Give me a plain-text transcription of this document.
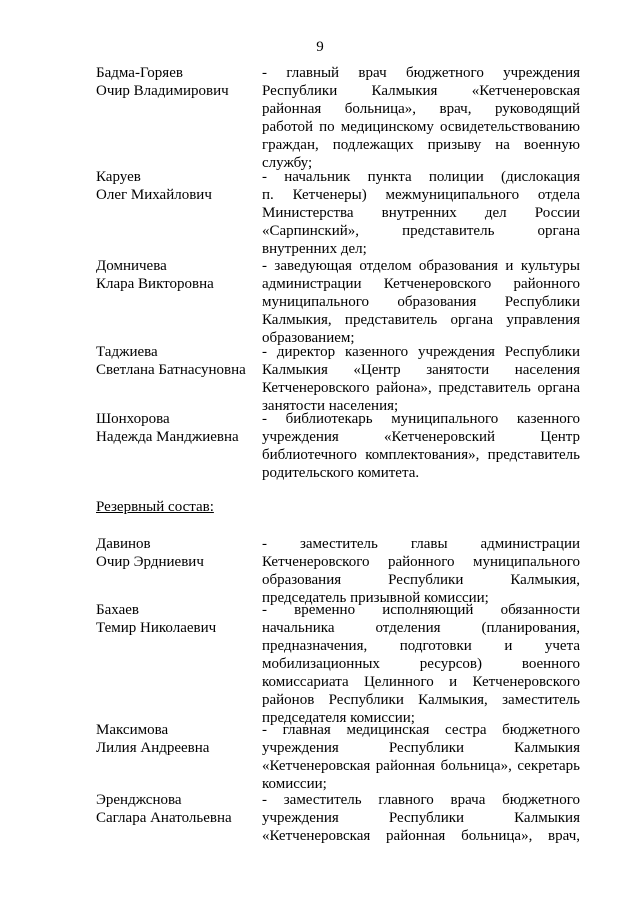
9
Бадма-Горяев
Очир Владимирович
- главный врач бюджетного учреждения
Республики Калмыкия «Кетченеровская
районная больница», врач, руководящий
работой по медицинскому освидетельствованию
граждан, подлежащих призыву на военную
службу;
Каруев
Олег Михайлович
- начальник пункта полиции (дислокация
п. Кетченеры) межмуниципального отдела
Министерства внутренних дел России
«Сарпинский», представитель органа
внутренних дел;
Домничева
Клара Викторовна
- заведующая отделом образования и культуры
администрации Кетченеровского районного
муниципального образования Республики
Калмыкия, представитель органа управления
образованием;
Таджиева
Светлана Батнасуновна
- директор казенного учреждения Республики
Калмыкия «Центр занятости населения
Кетченеровского района», представитель органа
занятости населения;
Шонхорова
Надежда Манджиевна
- библиотекарь муниципального казенного
учреждения «Кетченеровский Центр
библиотечного комплектования», представитель
родительского комитета.
Резервный состав:
Давинов
Очир Эрдниевич
- заместитель главы администрации
Кетченеровского районного муниципального
образования Республики Калмыкия,
председатель призывной комиссии;
Бахаев
Темир Николаевич
- временно исполняющий обязанности
начальника отделения (планирования,
предназначения, подготовки и учета
мобилизационных ресурсов) военного
комиссариата Целинного и Кетченеровского
районов Республики Калмыкия, заместитель
председателя комиссии;
Максимова
Лилия Андреевна
- главная медицинская сестра бюджетного
учреждения Республики Калмыкия
«Кетченеровская районная больница», секретарь
комиссии;
Эренджснова
Саглара Анатольевна
- заместитель главного врача бюджетного
учреждения Республики Калмыкия
«Кетченеровская районная больница», врач,
